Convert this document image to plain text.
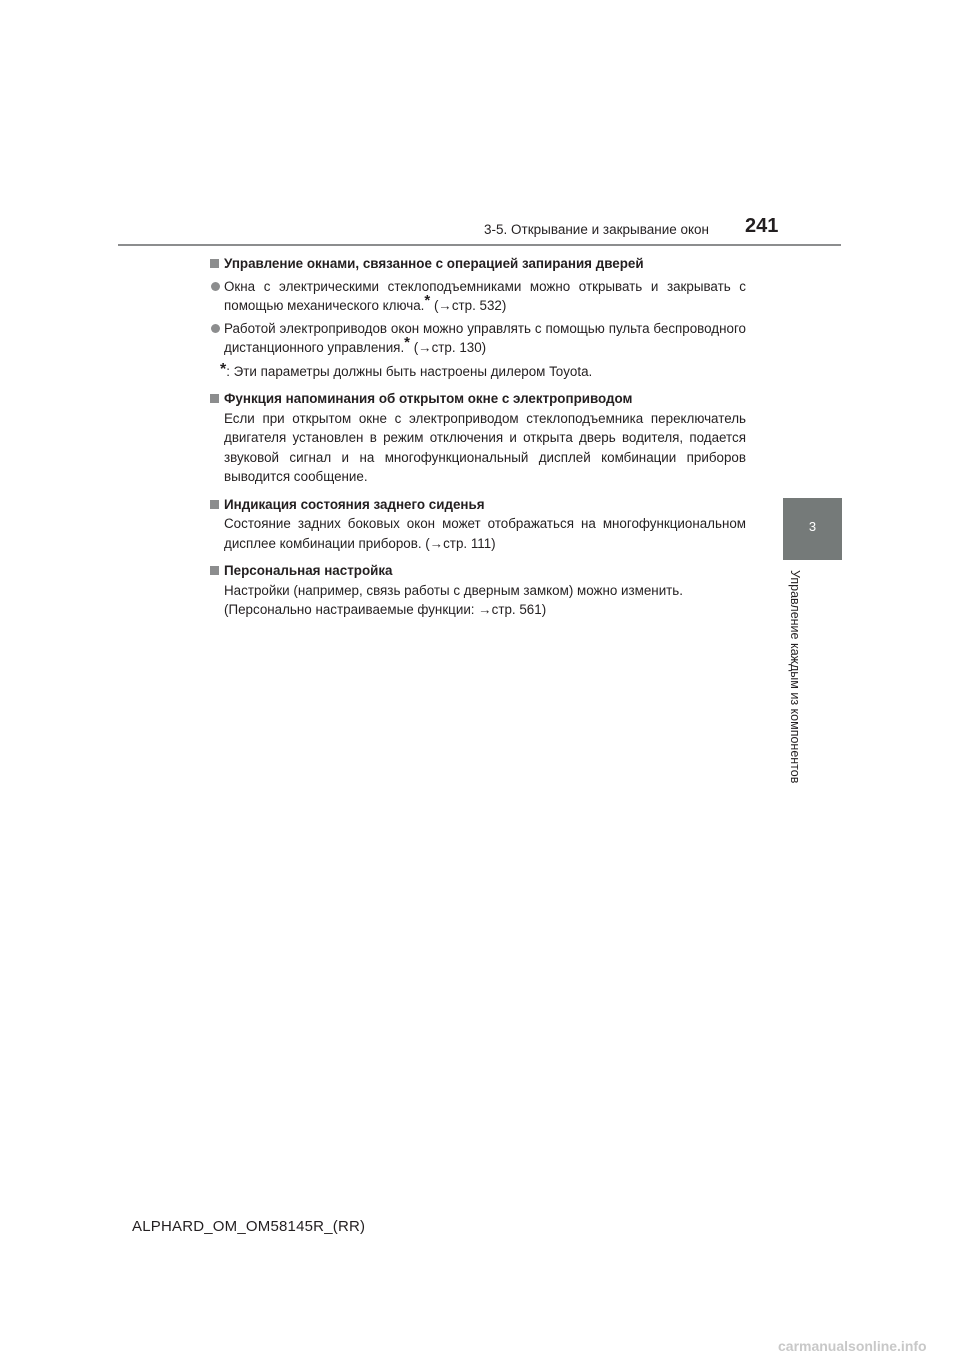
3-5. Открывание и закрывание окон 241
3
Управление каждым из компонентов
Управление окнами, связанное с операцией запирания дверей
Окна с электрическими стеклоподъемниками можно открывать и закрывать с помощью механического ключа.* (→стр. 532)
Работой электроприводов окон можно управлять с помощью пульта беспроводного дистанционного управления.* (→стр. 130)
*: Эти параметры должны быть настроены дилером Toyota.
Функция напоминания об открытом окне с электроприводом
Если при открытом окне с электроприводом стеклоподъемника переключатель двигателя установлен в режим отключения и открыта дверь водителя, подается звуковой сигнал и на многофункциональный дисплей комбинации приборов выводится сообщение.
Индикация состояния заднего сиденья
Состояние задних боковых окон может отображаться на многофункциональном дисплее комбинации приборов. (→стр. 111)
Персональная настройка
Настройки (например, связь работы с дверным замком) можно изменить.
(Персонально настраиваемые функции: →стр. 561)
ALPHARD_OM_OM58145R_(RR)
carmanualsonline.info
